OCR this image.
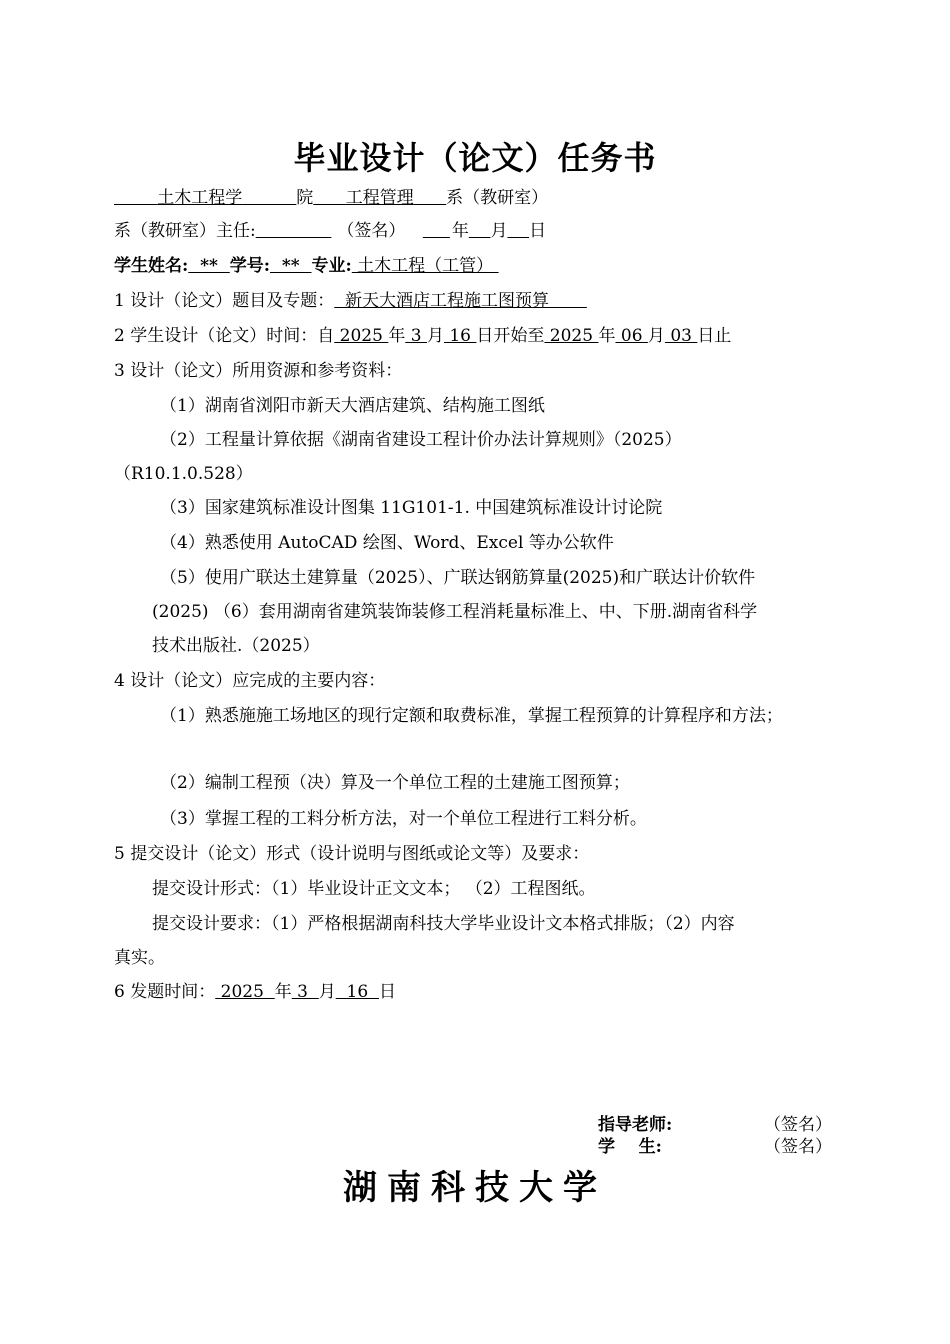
毕业设计（论文）任务书
土木工程学	院 工程管理 系（教研室）
系（教研室）主任:	（签名）	年 月 日
学生姓名:  **  学号:  **  专业: 土木工程（工管）
1 设计（论文）题目及专题：  新天大酒店工程施工图预算
2 学生设计（论文）时间：自 2025 年 3 月 16 日开始至 2025 年 06 月 03 日止
3 设计（论文）所用资源和参考资料：
（1）湖南省浏阳市新天大酒店建筑、结构施工图纸
（2）工程量计算依据《湖南省建设工程计价办法计算规则》（2025）
（R10.1.0.528）
（3）国家建筑标准设计图集 11G101-1. 中国建筑标准设计讨论院
（4）熟悉使用 AutoCAD 绘图、Word、Excel 等办公软件
（5）使用广联达土建算量（2025）、广联达钢筋算量(2025)和广联达计价软件
(2025) （6）套用湖南省建筑装饰装修工程消耗量标准上、中、下册.湖南省科学
技术出版社.（2025）
4 设计（论文）应完成的主要内容：
（1）熟悉施施工场地区的现行定额和取费标准，掌握工程预算的计算程序和方法；
（2）编制工程预（决）算及一个单位工程的土建施工图预算；
（3）掌握工程的工料分析方法，对一个单位工程进行工料分析。
5 提交设计（论文）形式（设计说明与图纸或论文等）及要求：
提交设计形式：（1）毕业设计正文文本； （2）工程图纸。
提交设计要求：（1）严格根据湖南科技大学毕业设计文本格式排版；（2）内容
真实。
6 发题时间： 2025  年 3  月  16  日
指导老师:	（签名）
学    生:	（签名）
湖南科技大学
